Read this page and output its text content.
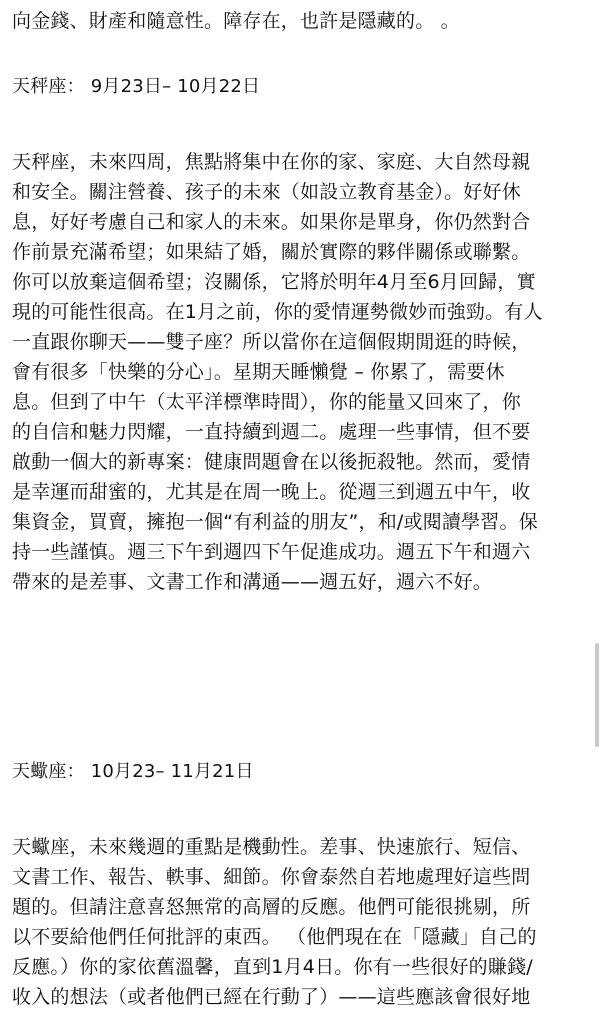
向金錢、財產和隨意性。障存在，也許是隱藏的。 。
天秤座： 9月23日– 10月22日
天秤座，未來四周，焦點將集中在你的家、家庭、大自然母親
和安全。關注營養、孩子的未來（如設立教育基金）。好好休
息，好好考慮自己和家人的未來。如果你是單身，你仍然對合
作前景充滿希望；如果結了婚，關於實際的夥伴關係或聯繫。
你可以放棄這個希望；沒關係，它將於明年4月至6月回歸，實
現的可能性很高。在1月之前，你的愛情運勢微妙而強勁。有人
一直跟你聊天——雙子座？所以當你在這個假期閒逛的時候，
會有很多「快樂的分心」。星期天睡懶覺 – 你累了，需要休
息。但到了中午（太平洋標準時間），你的能量又回來了，你
的自信和魅力閃耀，一直持續到週二。處理一些事情，但不要
啟動一個大的新專案：健康問題會在以後扼殺牠。然而，愛情
是幸運而甜蜜的，尤其是在周一晚上。從週三到週五中午，收
集資金，買賣，擁抱一個“有利益的朋友”，和/或閱讀學習。保
持一些謹慎。週三下午到週四下午促進成功。週五下午和週六
帶來的是差事、文書工作和溝通——週五好，週六不好。
天蠍座： 10月23– 11月21日
天蠍座，未來幾週的重點是機動性。差事、快速旅行、短信、
文書工作、報告、軼事、細節。你會泰然自若地處理好這些問
題的。但請注意喜怒無常的高層的反應。他們可能很挑剔，所
以不要給他們任何批評的東西。 （他們現在在「隱藏」自己的
反應。）你的家依舊溫馨，直到1月4日。你有一些很好的賺錢/
收入的想法（或者他們已經在行動了）——這些應該會很好地
